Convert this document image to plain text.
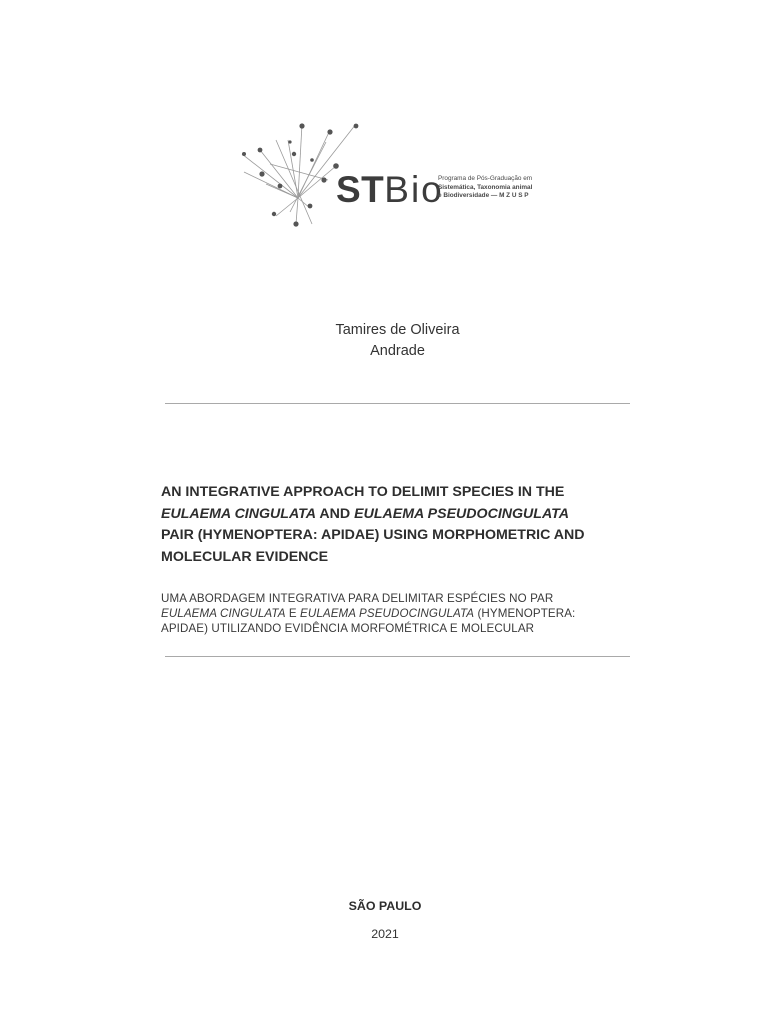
STBio
Programa de Pós-Graduação em
Sistemática, Taxonomia animal
e Biodiversidade — M Z U S P
Tamires de Oliveira
Andrade
AN INTEGRATIVE APPROACH TO DELIMIT SPECIES IN THE
EULAEMA CINGULATA AND EULAEMA PSEUDOCINGULATA
PAIR (HYMENOPTERA: APIDAE) USING MORPHOMETRIC AND
MOLECULAR EVIDENCE
UMA ABORDAGEM INTEGRATIVA PARA DELIMITAR ESPÉCIES NO PAR
EULAEMA CINGULATA E EULAEMA PSEUDOCINGULATA (HYMENOPTERA:
APIDAE) UTILIZANDO EVIDÊNCIA MORFOMÉTRICA E MOLECULAR
SÃO PAULO
2021
